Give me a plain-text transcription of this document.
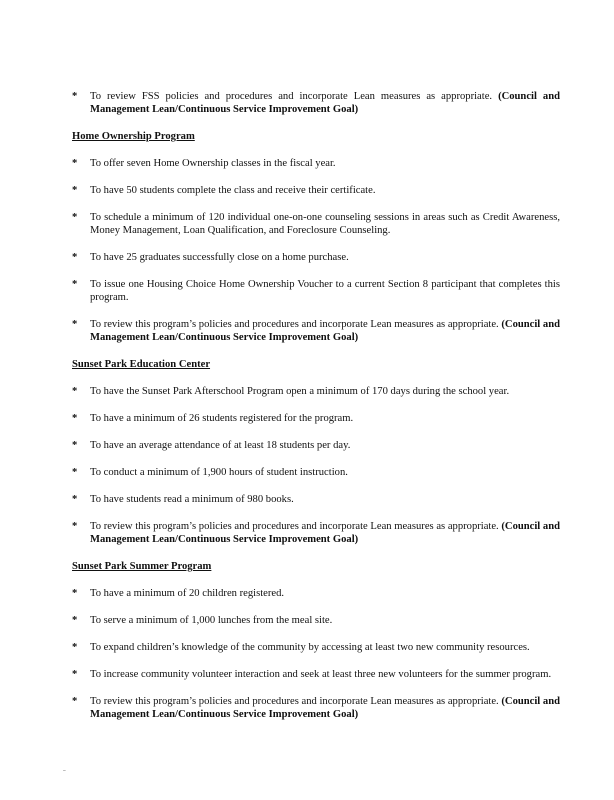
*	To review FSS policies and procedures and incorporate Lean measures as appropriate. (Council and Management Lean/Continuous Service Improvement Goal)
Home Ownership Program
*	To offer seven Home Ownership classes in the fiscal year.
*	To have 50 students complete the class and receive their certificate.
*	To schedule a minimum of 120 individual one-on-one counseling sessions in areas such as Credit Awareness, Money Management, Loan Qualification, and Foreclosure Counseling.
*	To have 25 graduates successfully close on a home purchase.
*	To issue one Housing Choice Home Ownership Voucher to a current Section 8 participant that completes this program.
*	To review this program’s policies and procedures and incorporate Lean measures as appropriate. (Council and Management Lean/Continuous Service Improvement Goal)
Sunset Park Education Center
*	To have the Sunset Park Afterschool Program open a minimum of 170 days during the school year.
*	To have a minimum of 26 students registered for the program.
*	To have an average attendance of at least 18 students per day.
*	To conduct a minimum of 1,900 hours of student instruction.
*	To have students read a minimum of 980 books.
*	To review this program’s policies and procedures and incorporate Lean measures as appropriate. (Council and Management Lean/Continuous Service Improvement Goal)
Sunset Park Summer Program
*	To have a minimum of 20 children registered.
*	To serve a minimum of 1,000 lunches from the meal site.
*	To expand children’s knowledge of the community by accessing at least two new community resources.
*	To increase community volunteer interaction and seek at least three new volunteers for the summer program.
*	To review this program’s policies and procedures and incorporate Lean measures as appropriate. (Council and Management Lean/Continuous Service Improvement Goal)
~
